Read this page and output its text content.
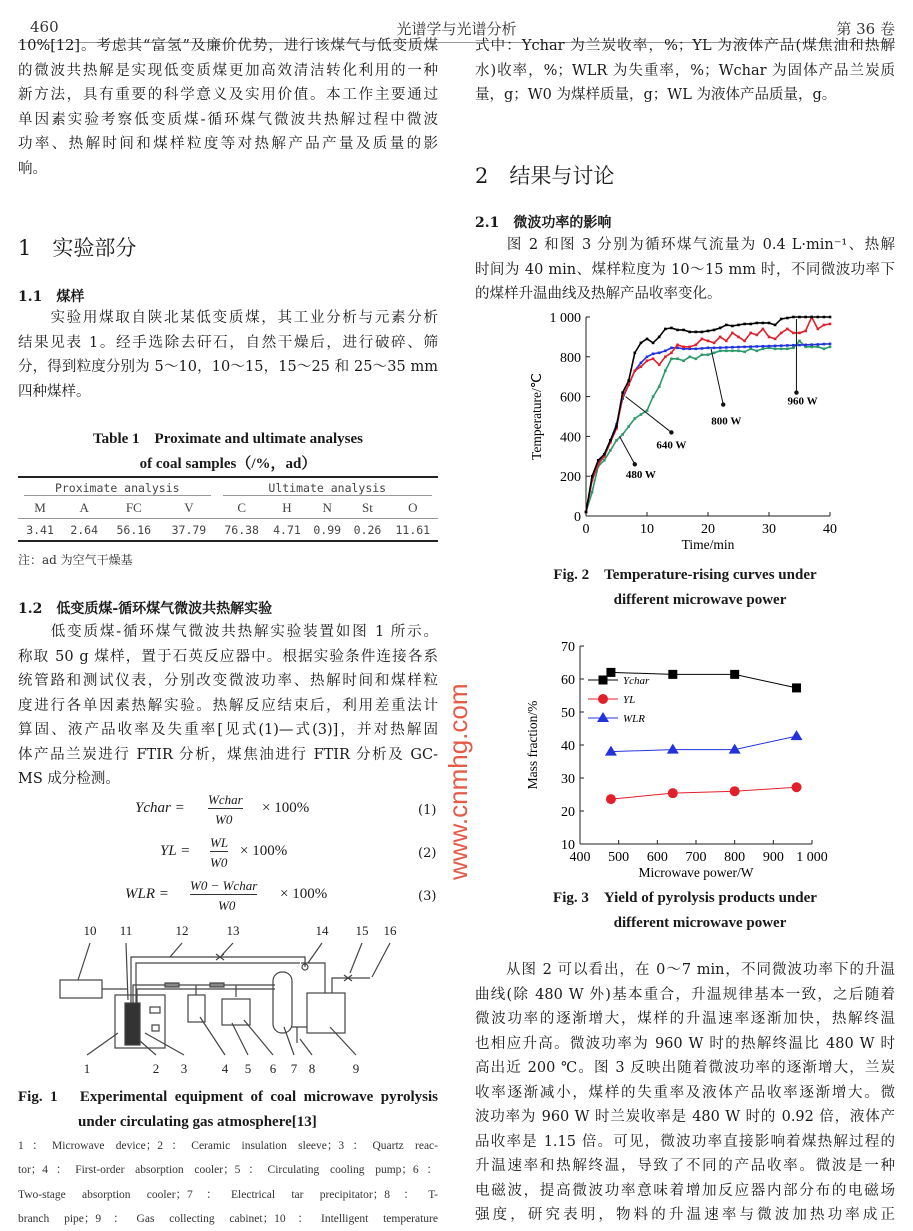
460	光谱学与光谱分析	第 36 卷
10%[12]。考虑其“富氢”及廉价优势，进行该煤气与低变质煤
的微波共热解是实现低变质煤更加高效清洁转化利用的一种
新方法，具有重要的科学意义及实用价值。本工作主要通过
单因素实验考察低变质煤-循环煤气微波共热解过程中微波
功率、热解时间和煤样粒度等对热解产品产量及质量的影
响。
1　实验部分
1.1　煤样
　　实验用煤取自陕北某低变质煤，其工业分析与元素分析
结果见表 1。经手选除去矸石，自然干燥后，进行破碎、筛
分，得到粒度分别为 5～10，10～15，15～25 和 25～35 mm
四种煤样。
Table 1　Proximate and ultimate analyses
of coal samples（/%，ad）
Proximate analysis				Ultimate analysis				

M	A	FC	V	C	H	N	St	O
3.41	2.64	56.16	37.79	76.38	4.71	0.99	0.26	11.61
注：ad 为空气干燥基
1.2　低变质煤-循环煤气微波共热解实验
　　低变质煤-循环煤气微波共热解实验装置如图 1 所示。
称取 50 g 煤样，置于石英反应器中。根据实验条件连接各系
统管路和测试仪表，分别改变微波功率、热解时间和煤样粒
度进行各单因素热解实验。热解反应结束后，利用差重法计
算固、液产品收率及失重率[见式(1)—式(3)]，并对热解固
体产品兰炭进行 FTIR 分析，煤焦油进行 FTIR 分析及 GC-
MS 成分检测。
Ychar =
Wchar
W0
× 100%	(1)
YL =
WL
W0
× 100%	(2)
WLR =
W0 − Wchar
W0
× 100%	(3)
10 11	12	13	14 15 16
1	2 3	4 5 6 7 8	9
Fig. 1　Experimental equipment of coal microwave pyrolysis
under circulating gas atmosphere[13]
1：Microwave device；2：Ceramic insulation sleeve；3：Quartz reac-
tor；4：First-order absorption cooler；5：Circulating cooling pump；6：
Two-stage absorption cooler；7：Electrical tar precipitator；8：T-
branch pipe；9：Gas collecting cabinet；10：Intelligent temperature
式中：Ychar 为兰炭收率，%；YL 为液体产品(煤焦油和热解
水)收率，%；WLR 为失重率，%；Wchar 为固体产品兰炭质
量，g；W0 为煤样质量，g；WL 为液体产品质量，g。
2　结果与讨论
2.1　微波功率的影响
　　图 2 和图 3 分别为循环煤气流量为 0.4 L·min⁻¹、热解
时间为 40 min、煤样粒度为 10～15 mm 时，不同微波功率下
的煤样升温曲线及热解产品收率变化。
0	10	20	30	40
0
200
400
600
800
1 000
Time/min
Temperature/℃	960 W
800 W
640 W
480 W
Fig. 2　Temperature-rising curves under
different microwave power
400 500 600 700 800 900 1 000
10
20
30
40
50
60
70
Microwave power/W
Mass fraction/%
Ychar
YL
WLR
Fig. 3　Yield of pyrolysis products under
different microwave power
　　从图 2 可以看出，在 0～7 min，不同微波功率下的升温
曲线(除 480 W 外)基本重合，升温规律基本一致，之后随着
微波功率的逐渐增大，煤样的升温速率逐渐加快，热解终温
也相应升高。微波功率为 960 W 时的热解终温比 480 W 时
高出近 200 ℃。图 3 反映出随着微波功率的逐渐增大，兰炭
收率逐渐减小，煤样的失重率及液体产品收率逐渐增大。微
波功率为 960 W 时兰炭收率是 480 W 时的 0.92 倍，液体产
品收率是 1.15 倍。可见，微波功率直接影响着煤热解过程的
升温速率和热解终温，导致了不同的产品收率。微波是一种
电磁波，提高微波功率意味着增加反应器内部分布的电磁场
强度，研究表明，物料的升温速率与微波加热功率成正
www.cnmhg.com
